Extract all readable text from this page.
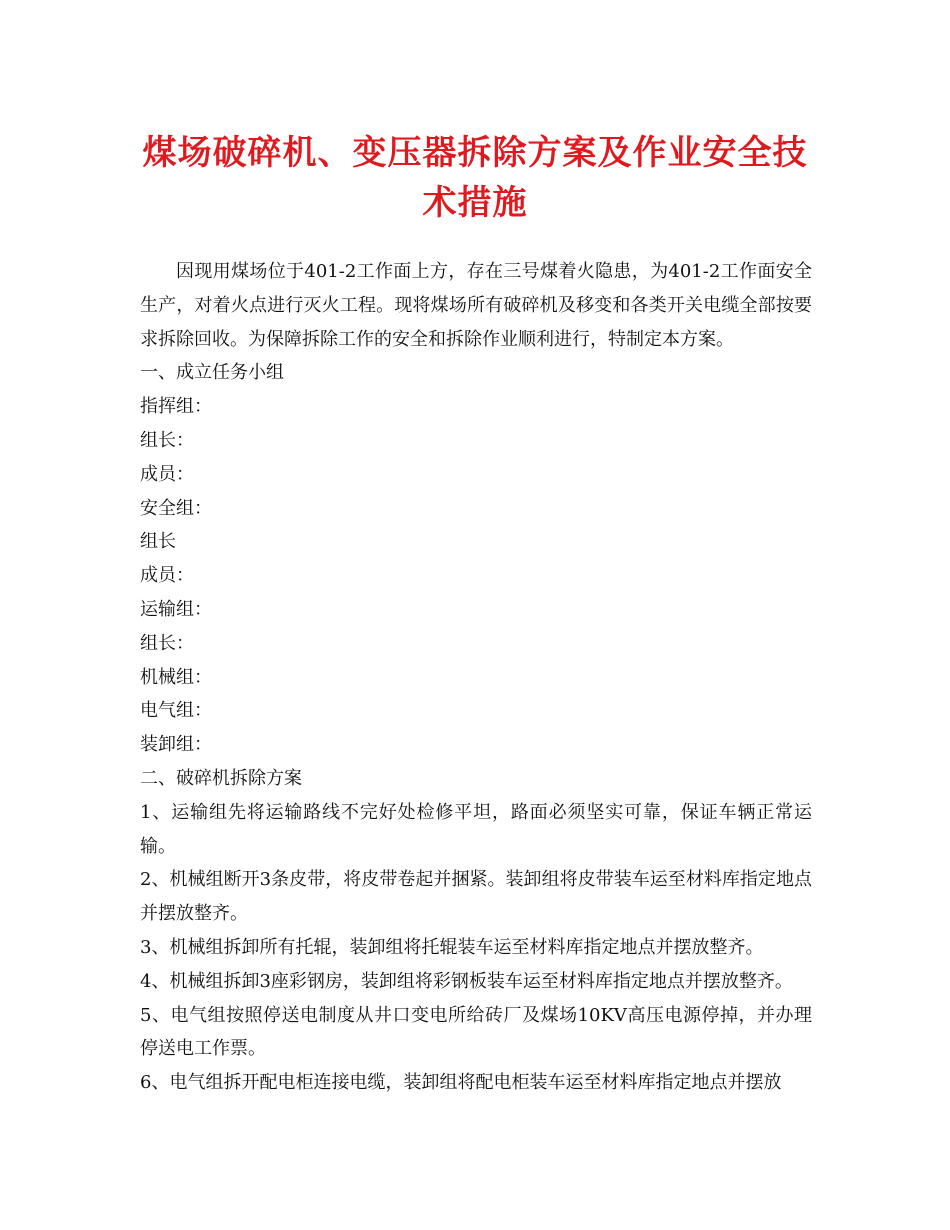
煤场破碎机、变压器拆除方案及作业安全技术措施

因现用煤场位于401-2工作面上方，存在三号煤着火隐患，为401-2工作面安全生产，对着火点进行灭火工程。现将煤场所有破碎机及移变和各类开关电缆全部按要求拆除回收。为保障拆除工作的安全和拆除作业顺利进行，特制定本方案。

一、成立任务小组

指挥组：

组长：

成员：

安全组：

组长

成员：

运输组：

组长：

机械组：

电气组：

装卸组：

二、破碎机拆除方案

1、运输组先将运输路线不完好处检修平坦，路面必须坚实可靠，保证车辆正常运输。

2、机械组断开3条皮带，将皮带卷起并捆紧。装卸组将皮带装车运至材料库指定地点并摆放整齐。

3、机械组拆卸所有托辊，装卸组将托辊装车运至材料库指定地点并摆放整齐。

4、机械组拆卸3座彩钢房，装卸组将彩钢板装车运至材料库指定地点并摆放整齐。

5、电气组按照停送电制度从井口变电所给砖厂及煤场10KV高压电源停掉，并办理停送电工作票。

6、电气组拆开配电柜连接电缆，装卸组将配电柜装车运至材料库指定地点并摆放
